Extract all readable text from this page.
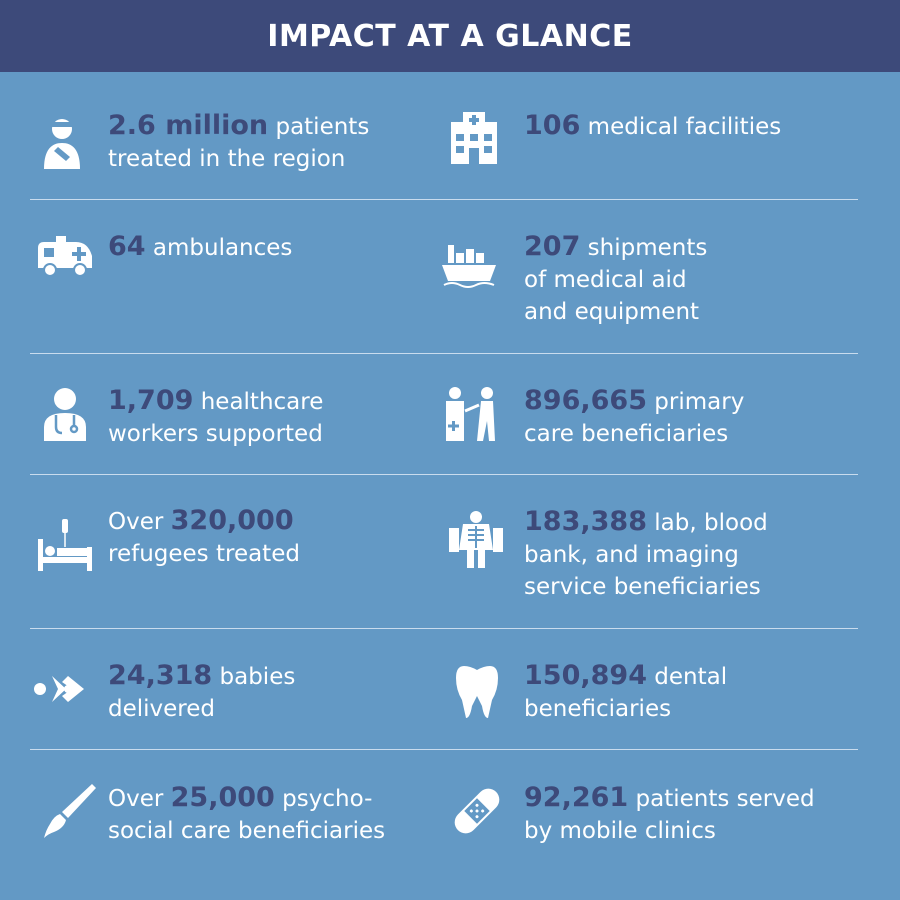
IMPACT AT A GLANCE
2.6 million patients
treated in the region
106 medical facilities
64 ambulances	207 shipments
of medical aid
and equipment
1,709 healthcare
workers supported
896,665 primary
care beneficiaries
Over 320,000
refugees treated
183,388 lab, blood
bank, and imaging
service beneficiaries
24,318 babies
delivered
150,894 dental
beneficiaries
Over 25,000 psycho-
social care beneficiaries
92,261 patients served
by mobile clinics
